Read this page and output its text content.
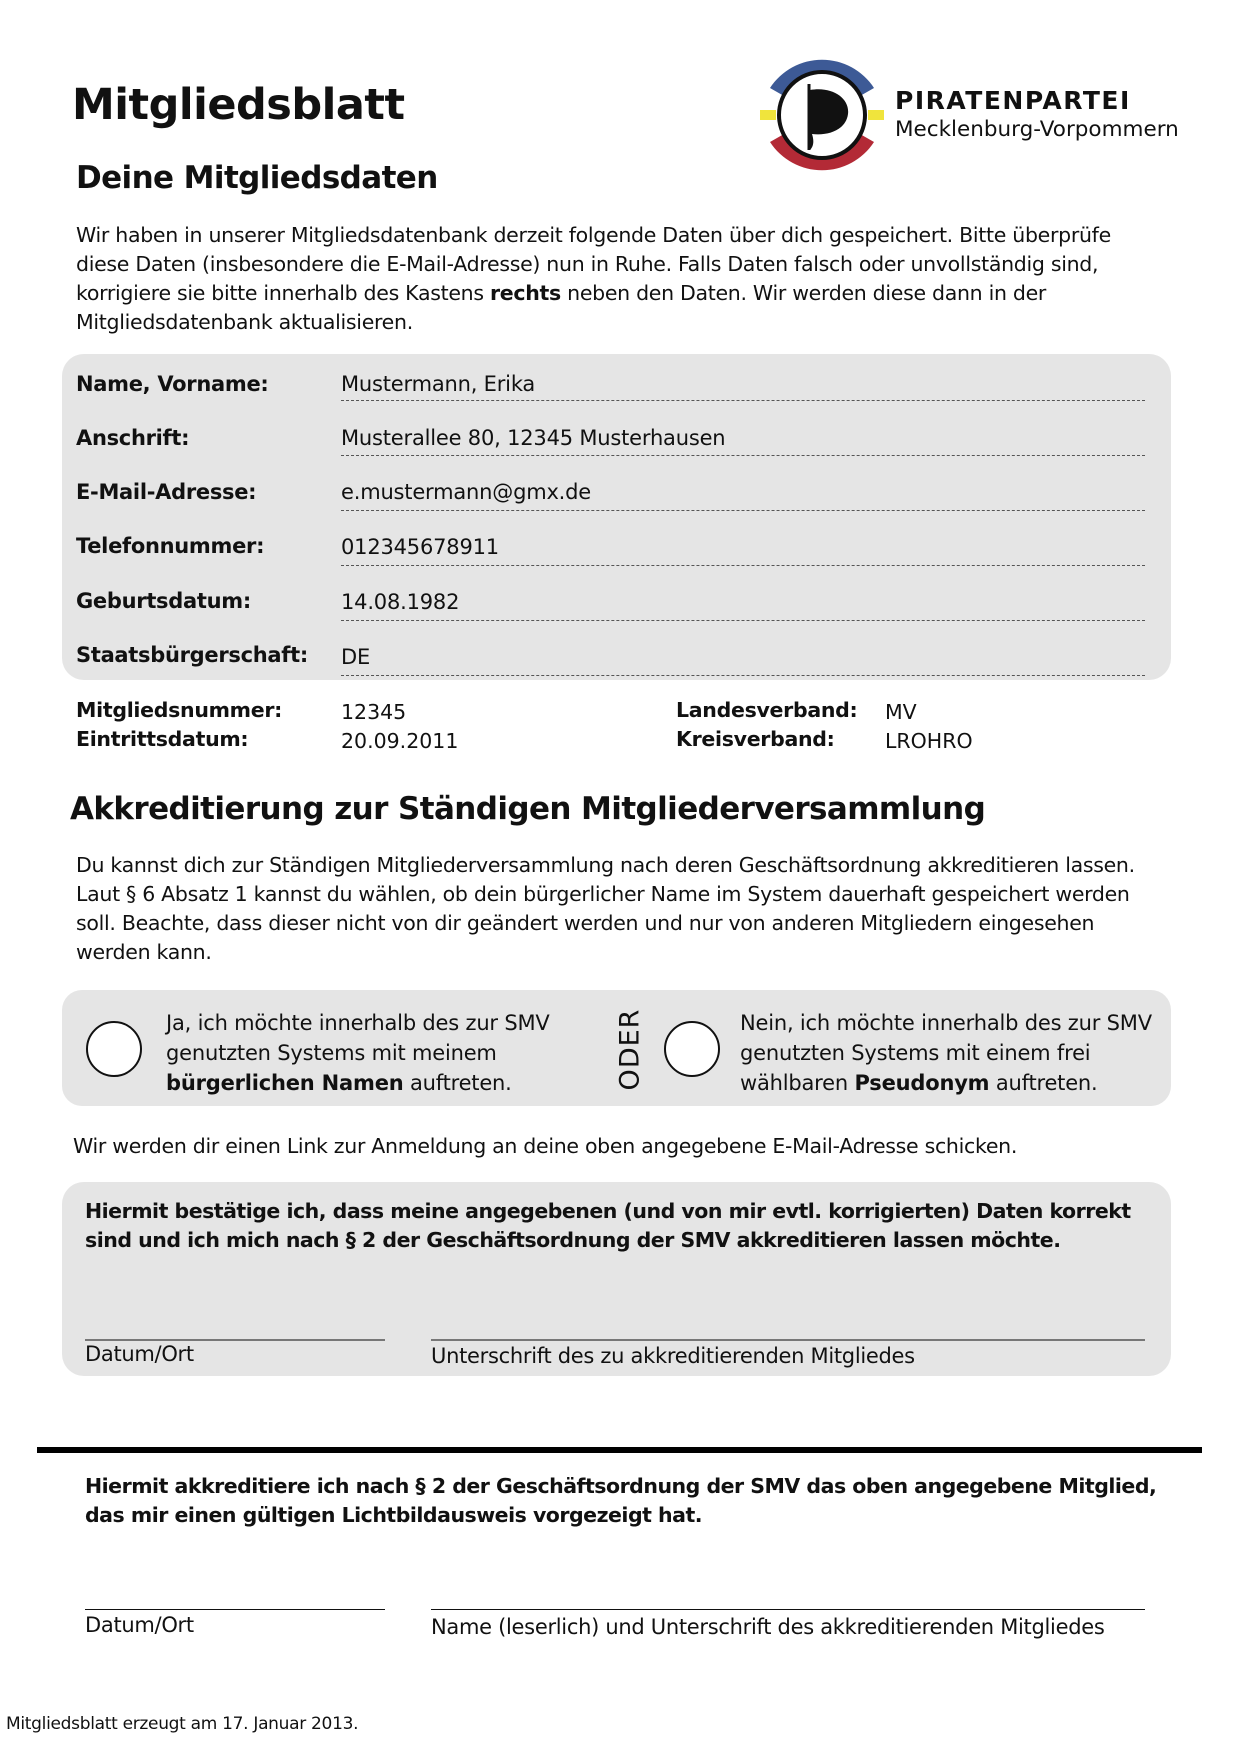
Mitgliedsblatt	PIRATENPARTEI
Mecklenburg-Vorpommern
Deine Mitgliedsdaten
Wir haben in unserer Mitgliedsdatenbank derzeit folgende Daten über dich gespeichert. Bitte überprüfe diese Daten (insbesondere die E-Mail-Adresse) nun in Ruhe. Falls Daten falsch oder unvollständig sind, korrigiere sie bitte innerhalb des Kastens rechts neben den Daten. Wir werden diese dann in der Mitgliedsdatenbank aktualisieren.
Name, Vorname:	Mustermann, Erika
Anschrift:	Musterallee 80, 12345 Musterhausen
E-Mail-Adresse:	e.mustermann@gmx.de
Telefonnummer:	012345678911
Geburtsdatum:	14.08.1982
Staatsbürgerschaft: DE
Mitgliedsnummer:	12345
Eintrittsdatum:	20.09.2011
Landesverband: MV
Kreisverband: LROHRO
Akkreditierung zur Ständigen Mitgliederversammlung
Du kannst dich zur Ständigen Mitgliederversammlung nach deren Geschäftsordnung akkreditieren lassen. Laut § 6 Absatz 1 kannst du wählen, ob dein bürgerlicher Name im System dauerhaft gespeichert werden soll. Beachte, dass dieser nicht von dir geändert werden und nur von anderen Mitgliedern eingesehen werden kann.
Ja, ich möchte innerhalb des zur SMV genutzten Systems mit meinem bürgerlichen Namen auftreten.	ODER	Nein, ich möchte innerhalb des zur SMV genutzten Systems mit einem frei wählbaren Pseudonym auftreten.
Wir werden dir einen Link zur Anmeldung an deine oben angegebene E-Mail-Adresse schicken.
Hiermit bestätige ich, dass meine angegebenen (und von mir evtl. korrigierten) Daten korrekt sind und ich mich nach § 2 der Geschäftsordnung der SMV akkreditieren lassen möchte.
Datum/Ort	Unterschrift des zu akkreditierenden Mitgliedes
Hiermit akkreditiere ich nach § 2 der Geschäftsordnung der SMV das oben angegebene Mitglied, das mir einen gültigen Lichtbildausweis vorgezeigt hat.
Datum/Ort	Name (leserlich) und Unterschrift des akkreditierenden Mitgliedes
Mitgliedsblatt erzeugt am 17. Januar 2013.
